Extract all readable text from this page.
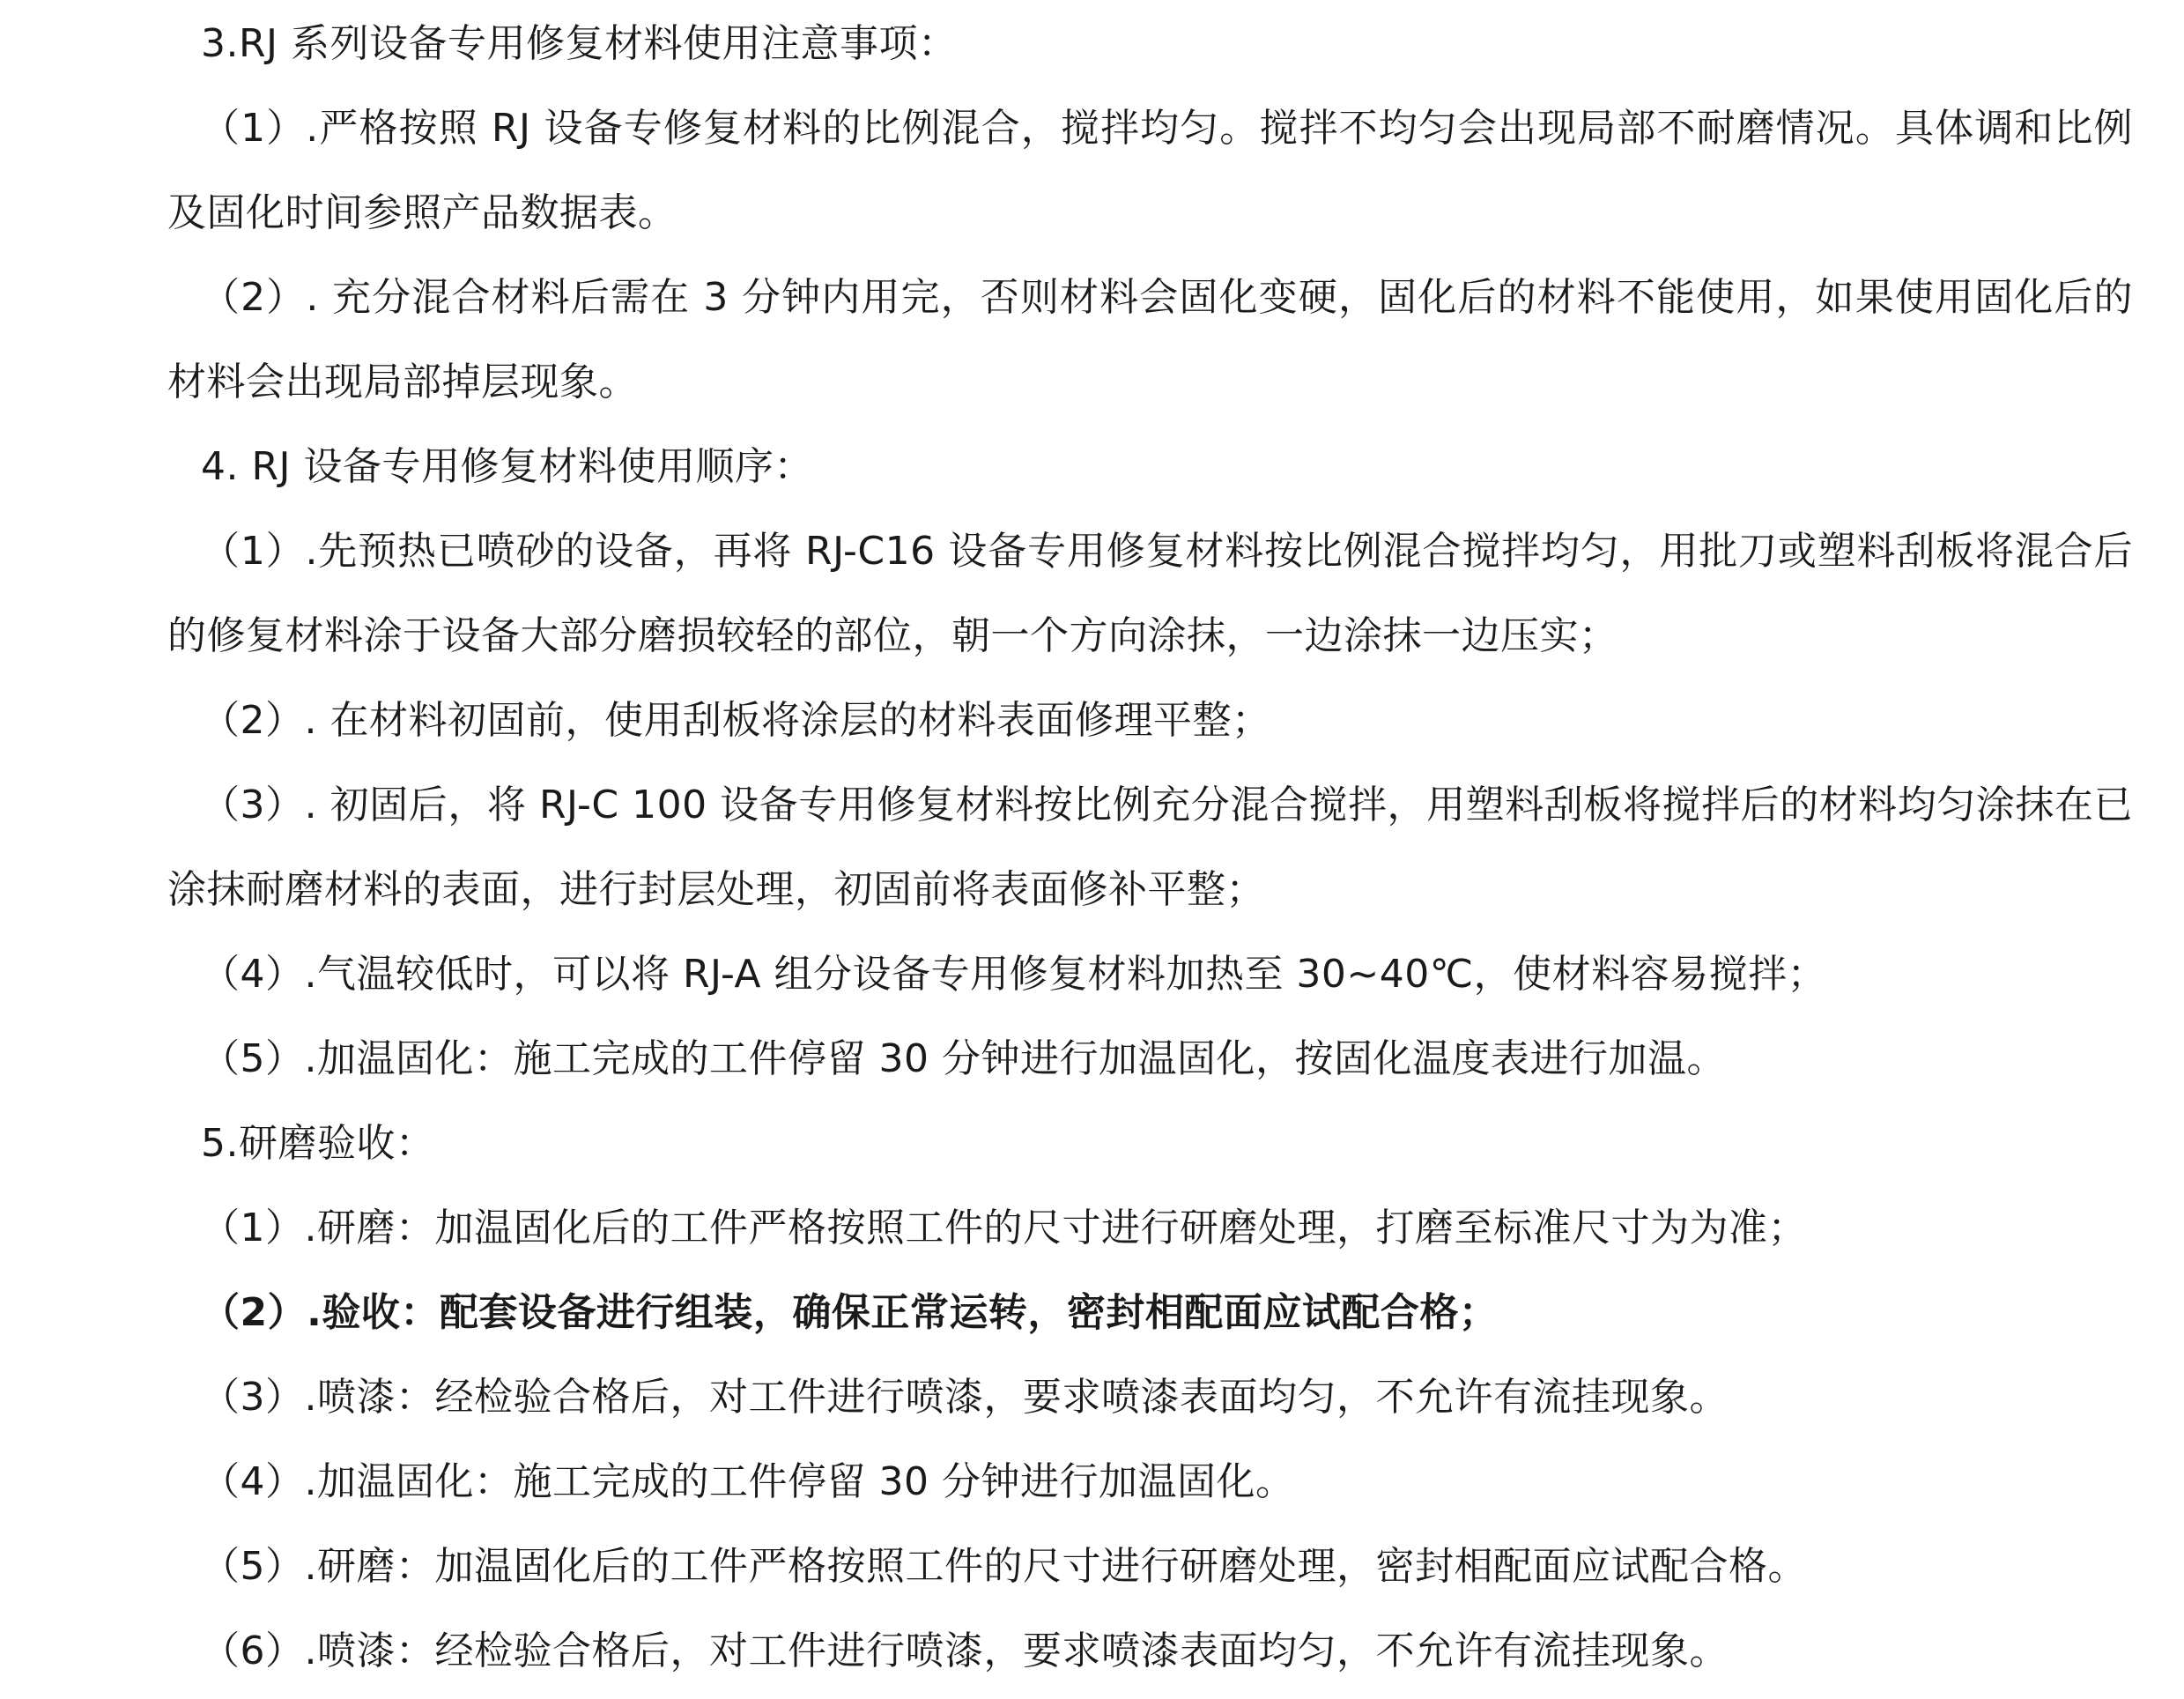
3.RJ 系列设备专用修复材料使用注意事项：

（1）.严格按照 RJ 设备专修复材料的比例混合，搅拌均匀。搅拌不均匀会出现局部不耐磨情况。具体调和比例及固化时间参照产品数据表。

（2）. 充分混合材料后需在 3 分钟内用完，否则材料会固化变硬，固化后的材料不能使用，如果使用固化后的材料会出现局部掉层现象。

4. RJ 设备专用修复材料使用顺序：

（1）.先预热已喷砂的设备，再将 RJ-C16 设备专用修复材料按比例混合搅拌均匀，用批刀或塑料刮板将混合后的修复材料涂于设备大部分磨损较轻的部位，朝一个方向涂抹，一边涂抹一边压实；

（2）. 在材料初固前，使用刮板将涂层的材料表面修理平整；

（3）. 初固后，将 RJ-C 100 设备专用修复材料按比例充分混合搅拌，用塑料刮板将搅拌后的材料均匀涂抹在已涂抹耐磨材料的表面，进行封层处理，初固前将表面修补平整；

（4）.气温较低时，可以将 RJ-A 组分设备专用修复材料加热至 30~40℃，使材料容易搅拌；

（5）.加温固化：施工完成的工件停留 30 分钟进行加温固化，按固化温度表进行加温。

5.研磨验收：

（1）.研磨：加温固化后的工件严格按照工件的尺寸进行研磨处理，打磨至标准尺寸为为准；

（2）.验收：配套设备进行组装，确保正常运转，密封相配面应试配合格；

（3）.喷漆：经检验合格后，对工件进行喷漆，要求喷漆表面均匀，不允许有流挂现象。

（4）.加温固化：施工完成的工件停留 30 分钟进行加温固化。

（5）.研磨：加温固化后的工件严格按照工件的尺寸进行研磨处理，密封相配面应试配合格。

（6）.喷漆：经检验合格后，对工件进行喷漆，要求喷漆表面均匀，不允许有流挂现象。
